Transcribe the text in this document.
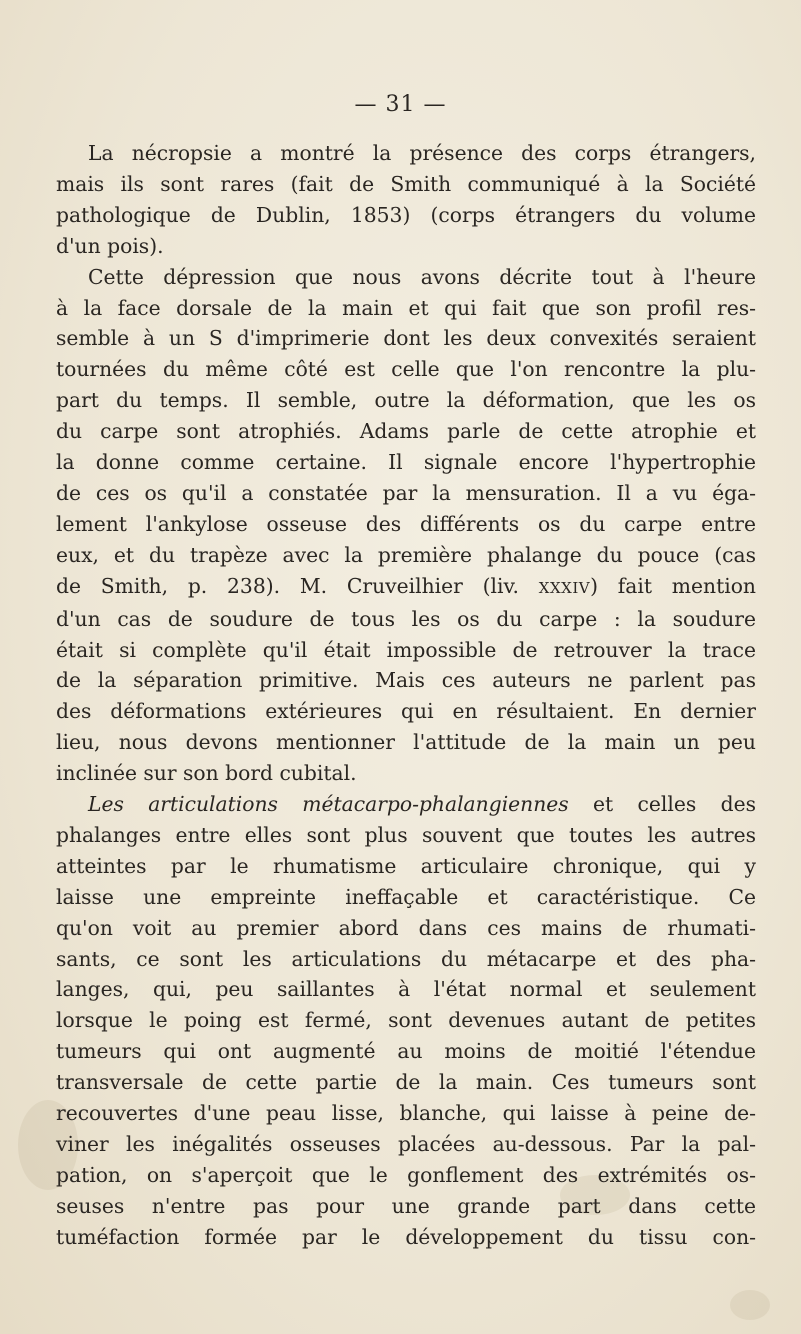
— 31 —
La nécropsie a montré la présence des corps étrangers,
mais ils sont rares (fait de Smith communiqué à la Société
pathologique de Dublin, 1853) (corps étrangers du volume
d'un pois).
Cette dépression que nous avons décrite tout à l'heure
à la face dorsale de la main et qui fait que son profil res-
semble à un S d'imprimerie dont les deux convexités seraient
tournées du même côté est celle que l'on rencontre la plu-
part du temps. Il semble, outre la déformation, que les os
du carpe sont atrophiés. Adams parle de cette atrophie et
la donne comme certaine. Il signale encore l'hypertrophie
de ces os qu'il a constatée par la mensuration. Il a vu éga-
lement l'ankylose osseuse des différents os du carpe entre
eux, et du trapèze avec la première phalange du pouce (cas
de Smith, p. 238). M. Cruveilhier (liv. XXXIV) fait mention
d'un cas de soudure de tous les os du carpe : la soudure
était si complète qu'il était impossible de retrouver la trace
de la séparation primitive. Mais ces auteurs ne parlent pas
des déformations extérieures qui en résultaient. En dernier
lieu, nous devons mentionner l'attitude de la main un peu
inclinée sur son bord cubital.
Les articulations métacarpo-phalangiennes et celles des
phalanges entre elles sont plus souvent que toutes les autres
atteintes par le rhumatisme articulaire chronique, qui y
laisse une empreinte ineffaçable et caractéristique. Ce
qu'on voit au premier abord dans ces mains de rhumati-
sants, ce sont les articulations du métacarpe et des pha-
langes, qui, peu saillantes à l'état normal et seulement
lorsque le poing est fermé, sont devenues autant de petites
tumeurs qui ont augmenté au moins de moitié l'étendue
transversale de cette partie de la main. Ces tumeurs sont
recouvertes d'une peau lisse, blanche, qui laisse à peine de-
viner les inégalités osseuses placées au-dessous. Par la pal-
pation, on s'aperçoit que le gonflement des extrémités os-
seuses n'entre pas pour une grande part dans cette
tuméfaction formée par le développement du tissu con-
